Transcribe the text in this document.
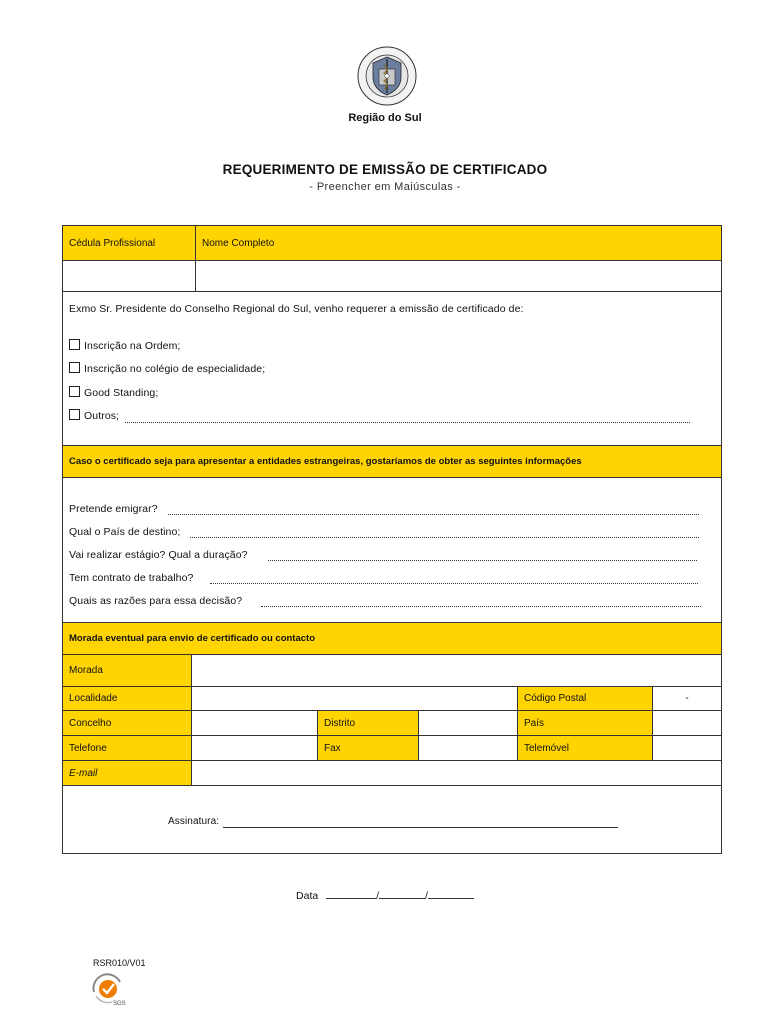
Região do Sul
REQUERIMENTO DE EMISSÃO DE CERTIFICADO
- Preencher em Maiúsculas -
Cédula Profissional	Nome Completo
Exmo Sr. Presidente do Conselho Regional do Sul, venho requerer a emissão de certificado de:
Inscrição na Ordem;
Inscrição no colégio de especialidade;
Good Standing;
Outros;
Caso o certificado seja para apresentar a entidades estrangeiras, gostaríamos de obter as seguintes informações
Pretende emigrar?
Qual o País de destino;
Vai realizar estágio? Qual a duração?
Tem contrato de trabalho?
Quais as razões para essa decisão?
Morada eventual para envio de certificado ou contacto
Morada
Localidade	Código Postal	-
Concelho	Distrito	País
Telefone	Fax	Telemóvel
E-mail
Assinatura:
Data	/	/
RSR010/V01
SGS
